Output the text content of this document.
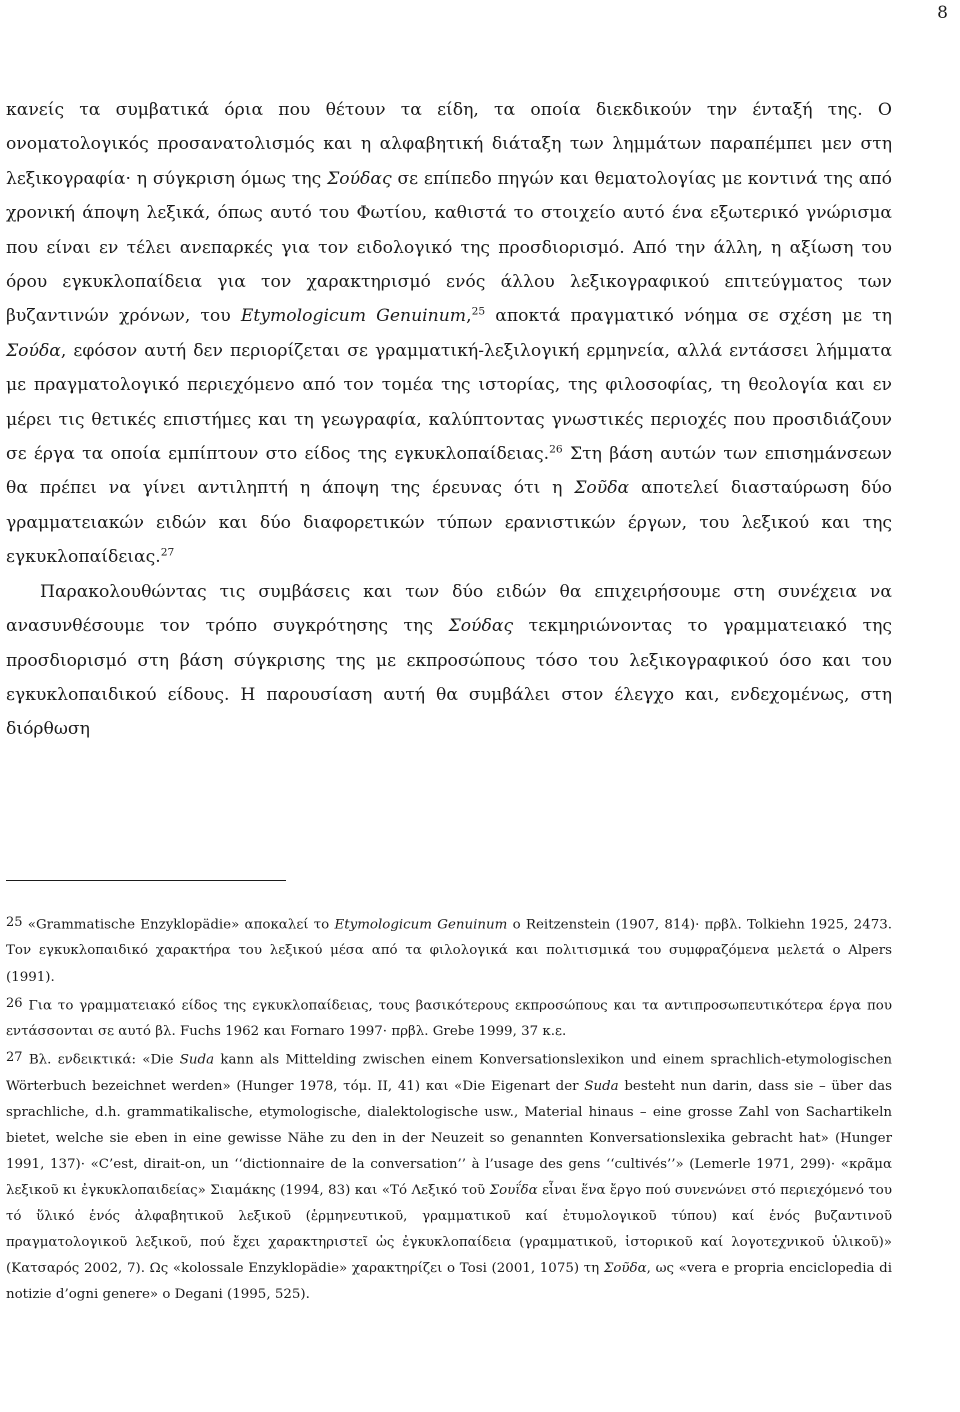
8

κανείς τα συμβατικά όρια που θέτουν τα είδη, τα οποία διεκδικούν την ένταξή της. Ο ονοματολογικός προσανατολισμός και η αλφαβητική διάταξη των λημμάτων παραπέμπει μεν στη λεξικογραφία· η σύγκριση όμως της Σούδας σε επίπεδο πηγών και θεματολογίας με κοντινά της από χρονική άποψη λεξικά, όπως αυτό του Φωτίου, καθιστά το στοιχείο αυτό ένα εξωτερικό γνώρισμα που είναι εν τέλει ανεπαρκές για τον ειδολογικό της προσδιορισμό. Από την άλλη, η αξίωση του όρου εγκυκλοπαίδεια για τον χαρακτηρισμό ενός άλλου λεξικογραφικού επιτεύγματος των βυζαντινών χρόνων, του Etymologicum Genuinum,$^{25}$ αποκτά πραγματικό νόημα σε σχέση με τη Σούδα, εφόσον αυτή δεν περιορίζεται σε γραμματική-λεξιλογική ερμηνεία, αλλά εντάσσει λήμματα με πραγματολογικό περιεχόμενο από τον τομέα της ιστορίας, της φιλοσοφίας, τη θεολογία και εν μέρει τις θετικές επιστήμες και τη γεωγραφία, καλύπτοντας γνωστικές περιοχές που προσιδιάζουν σε έργα τα οποία εμπίπτουν στο είδος της εγκυκλοπαίδειας.$^{26}$ Στη βάση αυτών των επισημάνσεων θα πρέπει να γίνει αντιληπτή η άποψη της έρευνας ότι η Σοῦδα αποτελεί διασταύρωση δύο γραμματειακών ειδών και δύο διαφορετικών τύπων ερανιστικών έργων, του λεξικού και της εγκυκλοπαίδειας.$^{27}$

Παρακολουθώντας τις συμβάσεις και των δύο ειδών θα επιχειρήσουμε στη συνέχεια να ανασυνθέσουμε τον τρόπο συγκρότησης της Σούδας τεκμηριώνοντας το γραμματειακό της προσδιορισμό στη βάση σύγκρισης της με εκπροσώπους τόσο του λεξικογραφικού όσο και του εγκυκλοπαιδικού είδους. Η παρουσίαση αυτή θα συμβάλει στον έλεγχο και, ενδεχομένως, στη διόρθωση

25 «Grammatische Enzyklopädie» αποκαλεί το Etymologicum Genuinum ο Reitzenstein (1907, 814)· πρβλ. Tolkiehn 1925, 2473. Τον εγκυκλοπαιδικό χαρακτήρα του λεξικού μέσα από τα φιλολογικά και πολιτισμικά του συμφραζόμενα μελετά ο Alpers (1991).

26 Για το γραμματειακό είδος της εγκυκλοπαίδειας, τους βασικότερους εκπροσώπους και τα αντιπροσωπευτικότερα έργα που εντάσσονται σε αυτό βλ. Fuchs 1962 και Fornaro 1997· πρβλ. Grebe 1999, 37 κ.ε.

27 Βλ. ενδεικτικά: «Die Suda kann als Mittelding zwischen einem Konversationslexikon und einem sprachlich-etymologischen Wörterbuch bezeichnet werden» (Hunger 1978, τόμ. II, 41) και «Die Eigenart der Suda besteht nun darin, dass sie – über das sprachliche, d.h. grammatikalische, etymologische, dialektologische usw., Material hinaus – eine grosse Zahl von Sachartikeln bietet, welche sie eben in eine gewisse Nähe zu den in der Neuzeit so genannten Konversationslexika gebracht hat» (Hunger 1991, 137)· «C’est, dirait-on, un ‘‘dictionnaire de la conversation’’ à l’usage des gens ‘‘cultivés’’» (Lemerle 1971, 299)· «κρᾶμα λεξικοῦ κι ἐγκυκλοπαιδείας» Σιαμάκης (1994, 83) και «Τό Λεξικό τοῦ Σουΐδα εἶναι ἕνα ἔργο πού συνενώνει στό περιεχόμενό του τό ὕλικό ἑνός ἀλφαβητικοῦ λεξικοῦ (ἑρμηνευτικοῦ, γραμματικοῦ καί ἐτυμολογικοῦ τύπου) καί ἑνός βυζαντινοῦ πραγματολογικοῦ λεξικοῦ, πού ἔχει χαρακτηριστεῖ ὡς ἐγκυκλοπαίδεια (γραμματικοῦ, ἱστορικοῦ καί λογοτεχνικοῦ ὑλικοῦ)» (Κατσαρός 2002, 7). Ως «kolossale Enzyklopädie» χαρακτηρίζει ο Tosi (2001, 1075) τη Σοῦδα, ως «vera e propria enciclopedia di notizie d’ogni genere» ο Degani (1995, 525).
